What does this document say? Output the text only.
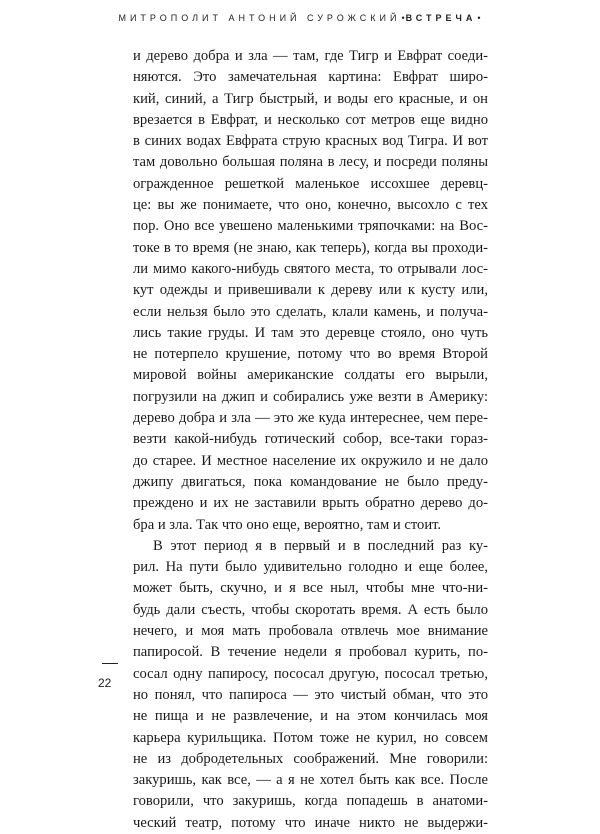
МИТРОПОЛИТ АНТОНИЙ СУРОЖСКИЙ•ВСТРЕЧА•
и дерево добра и зла — там, где Тигр и Евфрат соеди-
няются. Это замечательная картина: Евфрат широ-
кий, синий, а Тигр быстрый, и воды его красные, и он
врезается в Евфрат, и несколько сот метров еще видно
в синих водах Евфрата струю красных вод Тигра. И вот
там довольно большая поляна в лесу, и посреди поляны
огражденное решеткой маленькое иссохшее деревц-
це: вы же понимаете, что оно, конечно, высохло с тех
пор. Оно все увешено маленькими тряпочками: на Вос-
токе в то время (не знаю, как теперь), когда вы проходи-
ли мимо какого-нибудь святого места, то отрывали лос-
кут одежды и привешивали к дереву или к кусту или,
если нельзя было это сделать, клали камень, и получа-
лись такие груды. И там это деревце стояло, оно чуть
не потерпело крушение, потому что во время Второй
мировой войны американские солдаты его вырыли,
погрузили на джип и собирались уже везти в Америку:
дерево добра и зла — это же куда интереснее, чем пере-
везти какой-нибудь готический собор, все-таки горaз-
до старее. И местное население их окружило и не дало
джипу двигаться, пока командование не было преду-
преждено и их не заставили врыть обратно дерево до-
бра и зла. Так что оно еще, вероятно, там и стоит.
В этот период я в первый и в последний раз ку-
рил. На пути было удивительно голодно и еще более,
может быть, скучно, и я все ныл, чтобы мне что-ни-
будь дали съесть, чтобы скоротать время. А есть было
нечего, и моя мать пробовала отвлечь мое внимание
папиросой. В течение недели я пробовал курить, по-
сосал одну папиросу, пососал другую, пососал третью,
но понял, что папироса — это чистый обман, что это
не пища и не развлечение, и на этом кончилась моя
карьера курильщика. Потом тоже не курил, но совсем
не из добродетельных соображений. Мне говорили:
закуришь, как все, — а я не хотел быть как все. После
говорили, что закуришь, когда попадешь в анатоми-
ческий театр, потому что иначе никто не выдержи-
22
